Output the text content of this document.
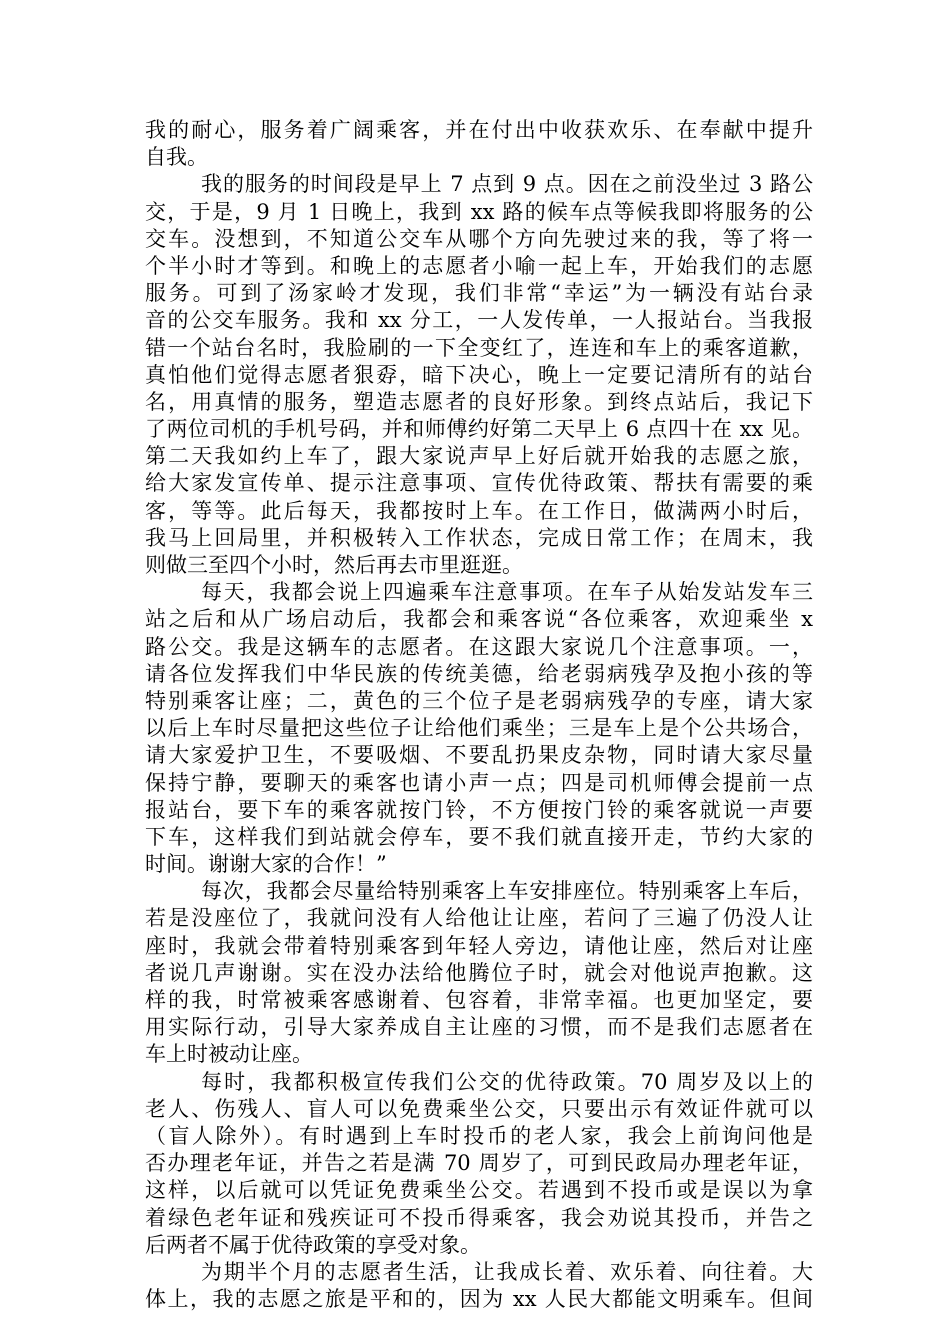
我的耐心，服务着广阔乘客，并在付出中收获欢乐、在奉献中提升
自我。
我的服务的时间段是早上 7 点到 9 点。因在之前没坐过 3 路公
交，于是，9 月 1 日晚上，我到 xx 路的候车点等候我即将服务的公
交车。没想到，不知道公交车从哪个方向先驶过来的我，等了将一
个半小时才等到。和晚上的志愿者小喻一起上车，开始我们的志愿
服务。可到了汤家岭才发现，我们非常“幸运”为一辆没有站台录
音的公交车服务。我和 xx 分工，一人发传单，一人报站台。当我报
错一个站台名时，我脸刷的一下全变红了，连连和车上的乘客道歉，
真怕他们觉得志愿者狠孬，暗下决心，晚上一定要记清所有的站台
名，用真情的服务，塑造志愿者的良好形象。到终点站后，我记下
了两位司机的手机号码，并和师傅约好第二天早上 6 点四十在 xx 见。
第二天我如约上车了，跟大家说声早上好后就开始我的志愿之旅，
给大家发宣传单、提示注意事项、宣传优待政策、帮扶有需要的乘
客，等等。此后每天，我都按时上车。在工作日，做满两小时后，
我马上回局里，并积极转入工作状态，完成日常工作；在周末，我
则做三至四个小时，然后再去市里逛逛。
每天，我都会说上四遍乘车注意事项。在车子从始发站发车三
站之后和从广场启动后，我都会和乘客说“各位乘客，欢迎乘坐 x
路公交。我是这辆车的志愿者。在这跟大家说几个注意事项。一，
请各位发挥我们中华民族的传统美德，给老弱病残孕及抱小孩的等
特别乘客让座；二，黄色的三个位子是老弱病残孕的专座，请大家
以后上车时尽量把这些位子让给他们乘坐；三是车上是个公共场合，
请大家爱护卫生，不要吸烟、不要乱扔果皮杂物，同时请大家尽量
保持宁静，要聊天的乘客也请小声一点；四是司机师傅会提前一点
报站台，要下车的乘客就按门铃，不方便按门铃的乘客就说一声要
下车，这样我们到站就会停车，要不我们就直接开走，节约大家的
时间。谢谢大家的合作！”
每次，我都会尽量给特别乘客上车安排座位。特别乘客上车后，
若是没座位了，我就问没有人给他让让座，若问了三遍了仍没人让
座时，我就会带着特别乘客到年轻人旁边，请他让座，然后对让座
者说几声谢谢。实在没办法给他腾位子时，就会对他说声抱歉。这
样的我，时常被乘客感谢着、包容着，非常幸福。也更加坚定，要
用实际行动，引导大家养成自主让座的习惯，而不是我们志愿者在
车上时被动让座。
每时，我都积极宣传我们公交的优待政策。70 周岁及以上的
老人、伤残人、盲人可以免费乘坐公交，只要出示有效证件就可以
（盲人除外）。有时遇到上车时投币的老人家，我会上前询问他是
否办理老年证，并告之若是满 70 周岁了，可到民政局办理老年证，
这样，以后就可以凭证免费乘坐公交。若遇到不投币或是误以为拿
着绿色老年证和残疾证可不投币得乘客，我会劝说其投币，并告之
后两者不属于优待政策的享受对象。
为期半个月的志愿者生活，让我成长着、欢乐着、向往着。大
体上，我的志愿之旅是平和的，因为 xx 人民大都能文明乘车。但间
